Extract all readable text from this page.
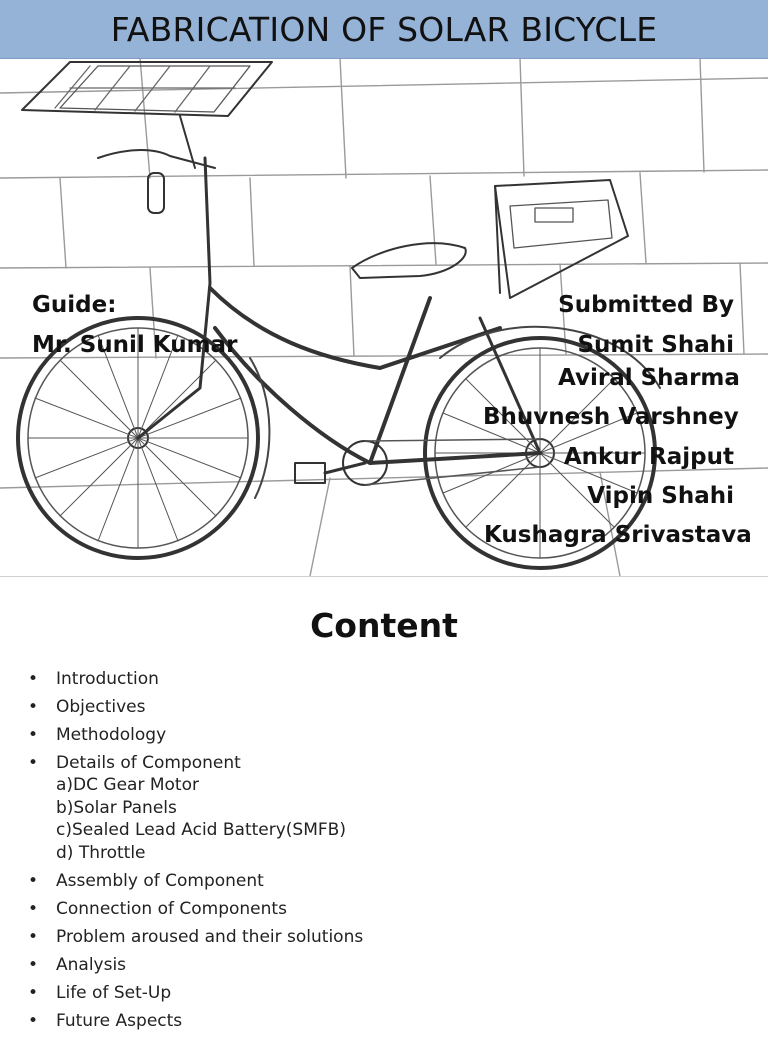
FABRICATION OF SOLAR BICYCLE
Guide:
Mr. Sunil Kumar
Submitted By
Sumit Shahi
Aviral Sharma
Bhuvnesh Varshney
Ankur Rajput
Vipin Shahi
Kushagra Srivastava
Content
• Introduction
• Objectives
• Methodology
• Details of Component
a)DC Gear Motor
b)Solar Panels
c)Sealed Lead Acid Battery(SMFB)
d) Throttle
• Assembly of Component
• Connection of Components
• Problem aroused and their solutions
• Analysis
• Life of Set-Up
• Future Aspects
